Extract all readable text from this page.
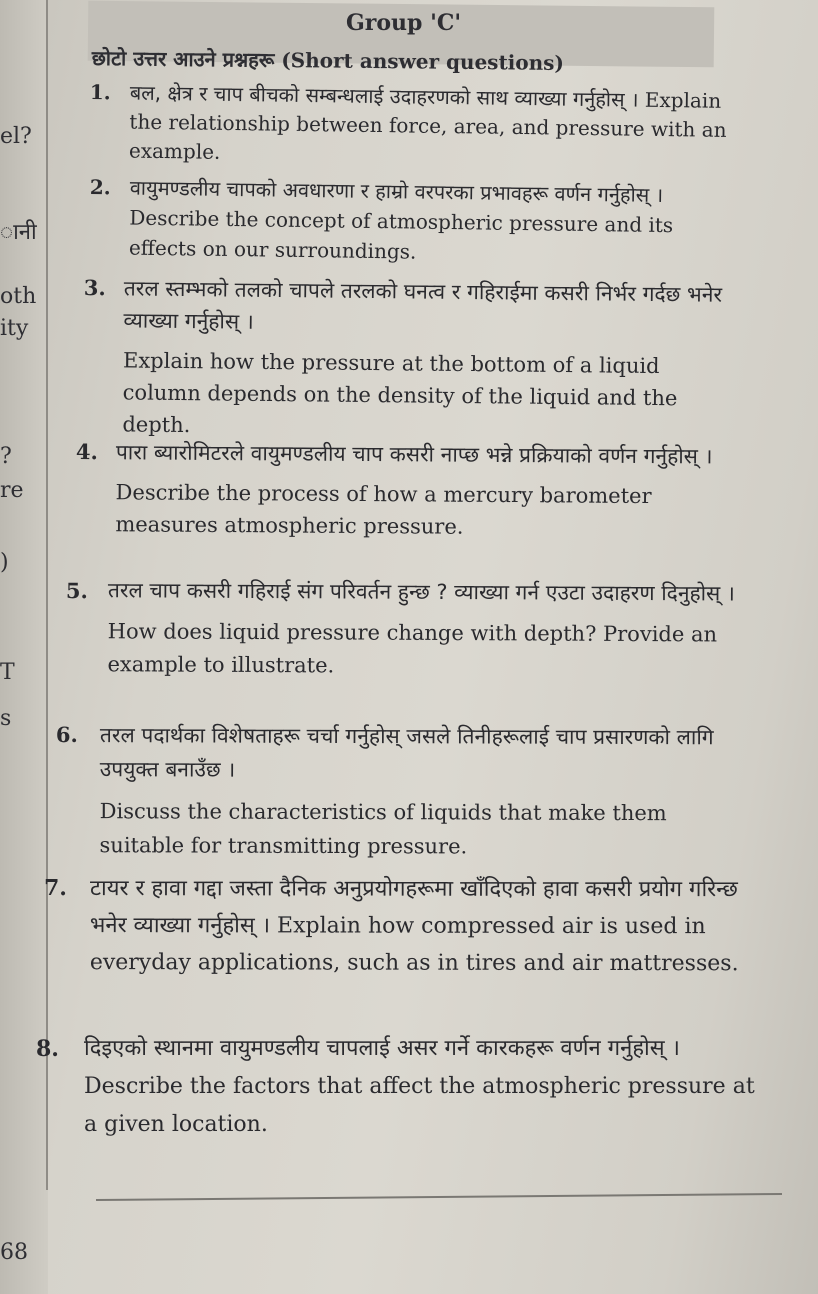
el?
ानी
oth
ity
?
re
)
Т
s
Group 'C'
छोटो उत्तर आउने प्रश्नहरू (Short answer questions)
1. बल, क्षेत्र र चाप बीचको सम्बन्धलाई उदाहरणको साथ व्याख्या गर्नुहोस् । Explain the relationship between force, area, and pressure with an example.
2. वायुमण्डलीय चापको अवधारणा र हाम्रो वरपरका प्रभावहरू वर्णन गर्नुहोस् । Describe the concept of atmospheric pressure and its effects on our surroundings.
3. तरल स्तम्भको तलको चापले तरलको घनत्व र गहिराईमा कसरी निर्भर गर्दछ भनेर व्याख्या गर्नुहोस् ।
Explain how the pressure at the bottom of a liquid column depends on the density of the liquid and the depth.
4. पारा ब्यारोमिटरले वायुमण्डलीय चाप कसरी नाप्छ भन्ने प्रक्रियाको वर्णन गर्नुहोस् ।
Describe the process of how a mercury barometer measures atmospheric pressure.
5. तरल चाप कसरी गहिराई संग परिवर्तन हुन्छ ? व्याख्या गर्न एउटा उदाहरण दिनुहोस् ।
How does liquid pressure change with depth? Provide an example to illustrate.
6. तरल पदार्थका विशेषताहरू चर्चा गर्नुहोस् जसले तिनीहरूलाई चाप प्रसारणको लागि उपयुक्त बनाउँछ ।
Discuss the characteristics of liquids that make them suitable for transmitting pressure.
7. टायर र हावा गद्दा जस्ता दैनिक अनुप्रयोगहरूमा खाँदिएको हावा कसरी प्रयोग गरिन्छ भनेर व्याख्या गर्नुहोस् । Explain how compressed air is used in everyday applications, such as in tires and air mattresses.
8. दिइएको स्थानमा वायुमण्डलीय चापलाई असर गर्ने कारकहरू वर्णन गर्नुहोस् । Describe the factors that affect the atmospheric pressure at a given location.
68
